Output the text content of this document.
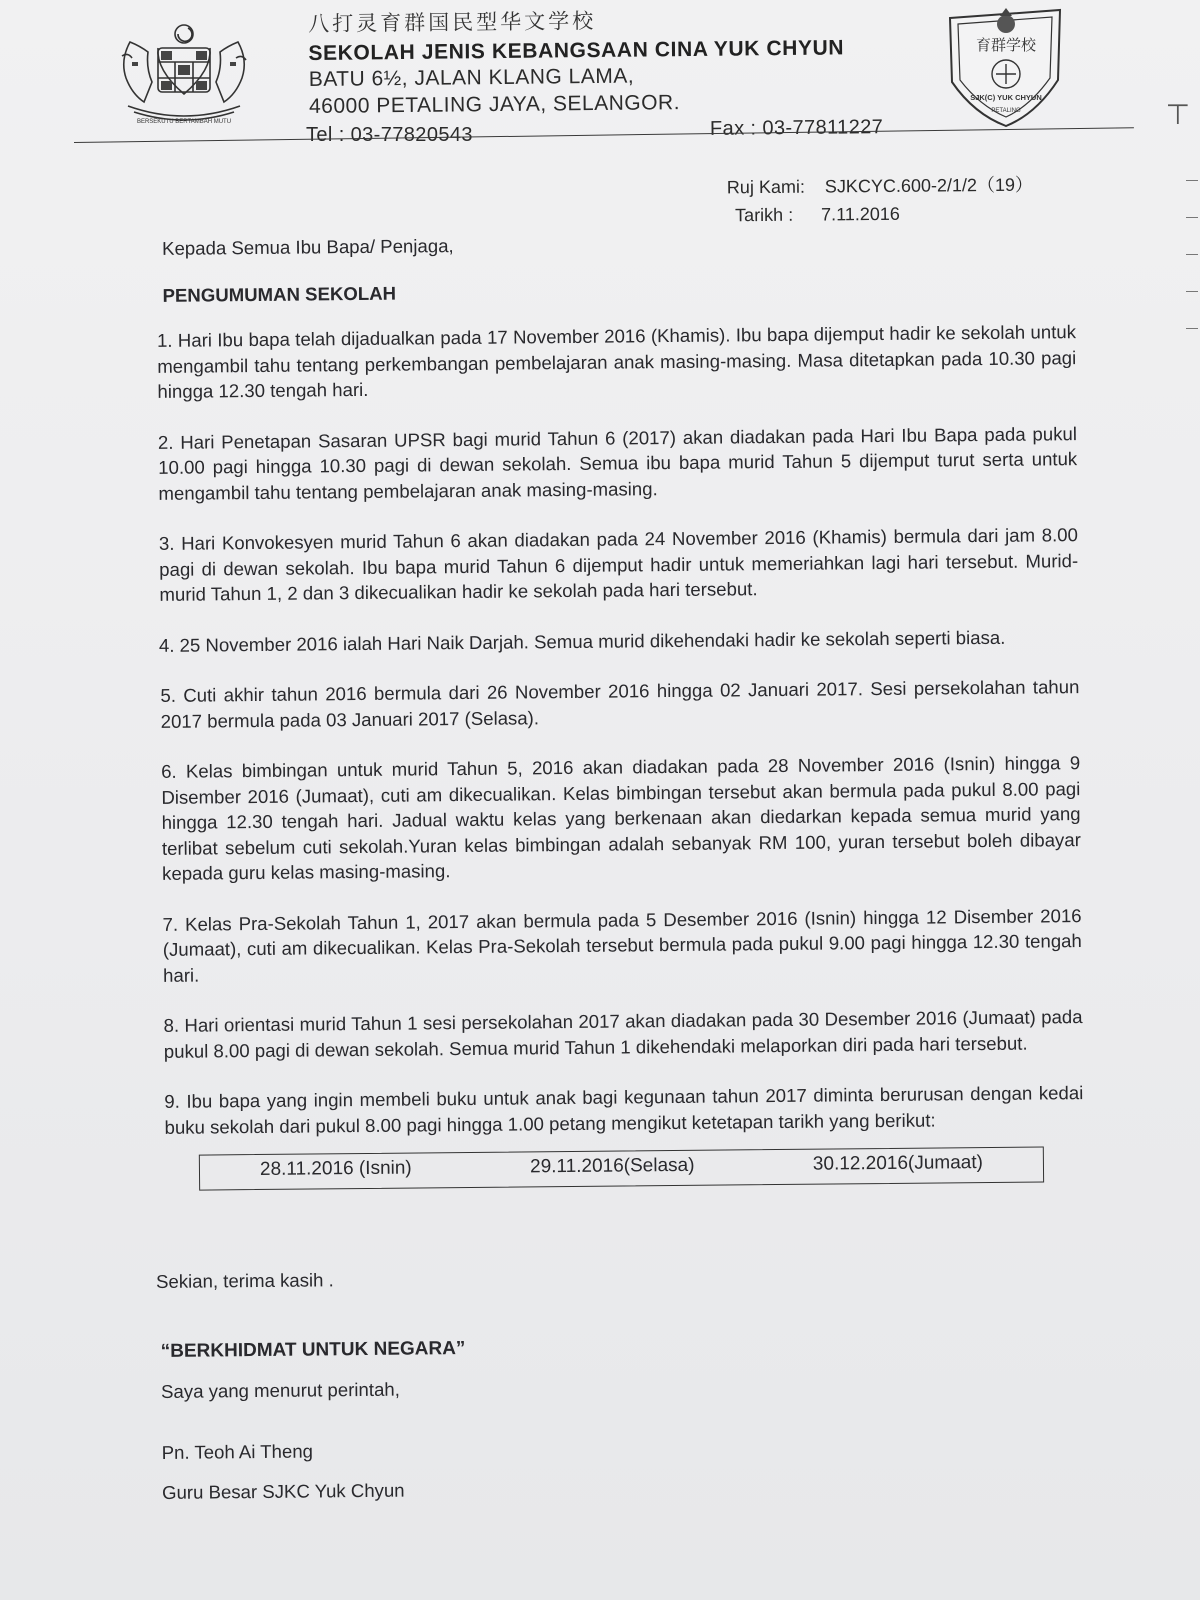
BERSEKUTU BERTAMBAH MUTU
八打灵育群国民型华文学校
SEKOLAH JENIS KEBANGSAAN CINA YUK CHYUN
BATU 6½, JALAN KLANG LAMA,
46000 PETALING JAYA, SELANGOR.
Tel : 03-77820543	Fax : 03-77811227
育群学校
SJK(C) YUK CHYUN
PETALING
Ruj Kami: SJKCYC.600-2/1/2（19）
Tarikh : 7.11.2016
Kepada Semua Ibu Bapa/ Penjaga,
PENGUMUMAN SEKOLAH
1. Hari Ibu bapa telah dijadualkan pada 17 November 2016 (Khamis). Ibu bapa dijemput hadir ke sekolah untuk mengambil tahu tentang perkembangan pembelajaran anak masing-masing. Masa ditetapkan pada 10.30 pagi hingga 12.30 tengah hari.
2. Hari Penetapan Sasaran UPSR bagi murid Tahun 6 (2017) akan diadakan pada Hari Ibu Bapa pada pukul 10.00 pagi hingga 10.30 pagi di dewan sekolah. Semua ibu bapa murid Tahun 5 dijemput turut serta untuk mengambil tahu tentang pembelajaran anak masing-masing.
3. Hari Konvokesyen murid Tahun 6 akan diadakan pada 24 November 2016 (Khamis) bermula dari jam 8.00 pagi di dewan sekolah. Ibu bapa murid Tahun 6 dijemput hadir untuk memeriahkan lagi hari tersebut. Murid-murid Tahun 1, 2 dan 3 dikecualikan hadir ke sekolah pada hari tersebut.
4. 25 November 2016 ialah Hari Naik Darjah. Semua murid dikehendaki hadir ke sekolah seperti biasa.
5. Cuti akhir tahun 2016 bermula dari 26 November 2016 hingga 02 Januari 2017. Sesi persekolahan tahun 2017 bermula pada 03 Januari 2017 (Selasa).
6. Kelas bimbingan untuk murid Tahun 5, 2016 akan diadakan pada 28 November 2016 (Isnin) hingga 9 Disember 2016 (Jumaat), cuti am dikecualikan. Kelas bimbingan tersebut akan bermula pada pukul 8.00 pagi hingga 12.30 tengah hari. Jadual waktu kelas yang berkenaan akan diedarkan kepada semua murid yang terlibat sebelum cuti sekolah.Yuran kelas bimbingan adalah sebanyak RM 100, yuran tersebut boleh dibayar kepada guru kelas masing-masing.
7. Kelas Pra-Sekolah Tahun 1, 2017 akan bermula pada 5 Desember 2016 (Isnin) hingga 12 Disember 2016 (Jumaat), cuti am dikecualikan. Kelas Pra-Sekolah tersebut bermula pada pukul 9.00 pagi hingga 12.30 tengah hari.
8. Hari orientasi murid Tahun 1 sesi persekolahan 2017 akan diadakan pada 30 Desember 2016 (Jumaat) pada pukul 8.00 pagi di dewan sekolah. Semua murid Tahun 1 dikehendaki melaporkan diri pada hari tersebut.
9. Ibu bapa yang ingin membeli buku untuk anak bagi kegunaan tahun 2017 diminta berurusan dengan kedai buku sekolah dari pukul 8.00 pagi hingga 1.00 petang mengikut ketetapan tarikh yang berikut:
28.11.2016 (Isnin)	29.11.2016(Selasa)	30.12.2016(Jumaat)
Sekian, terima kasih .
“BERKHIDMAT UNTUK NEGARA”
Saya yang menurut perintah,
Pn. Teoh Ai Theng
Guru Besar SJKC Yuk Chyun
⊤
